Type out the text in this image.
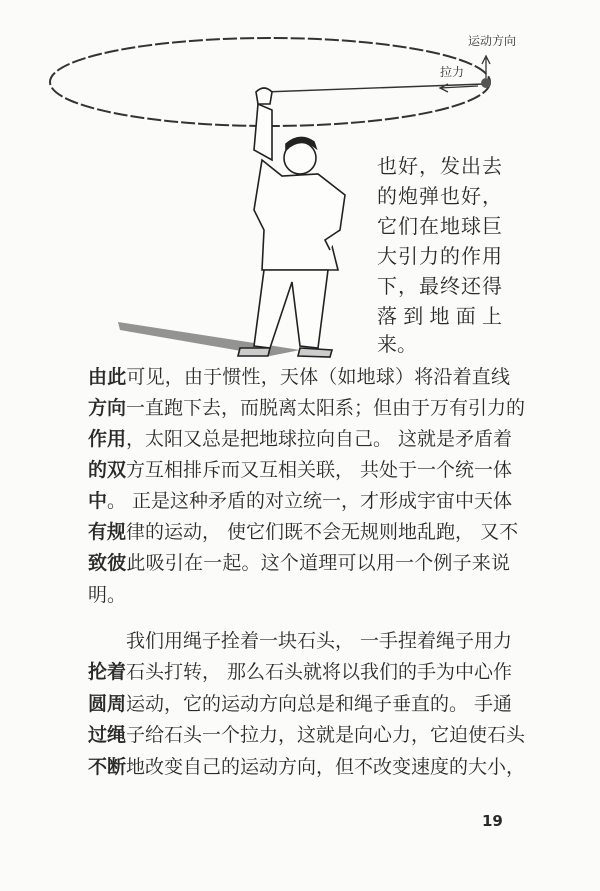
运动方向
拉力
也好，发出去
的炮弹也好，
它们在地球巨
大引力的作用
下，最终还得
落到地面上
来。
由此可见，由于惯性，天体（如地球）将沿着直线
方向一直跑下去，而脱离太阳系；但由于万有引力的
作用，太阳又总是把地球拉向自己。 这就是矛盾着
的双方互相排斥而又互相关联， 共处于一个统一体
中。 正是这种矛盾的对立统一，才形成宇宙中天体
有规律的运动， 使它们既不会无规则地乱跑， 又不
致彼此吸引在一起。这个道理可以用一个例子来说
明。
　　我们用绳子拴着一块石头， 一手捏着绳子用力
抡着石头打转， 那么石头就将以我们的手为中心作
圆周运动，它的运动方向总是和绳子垂直的。 手通
过绳子给石头一个拉力，这就是向心力，它迫使石头
不断地改变自己的运动方向，但不改变速度的大小，
19
